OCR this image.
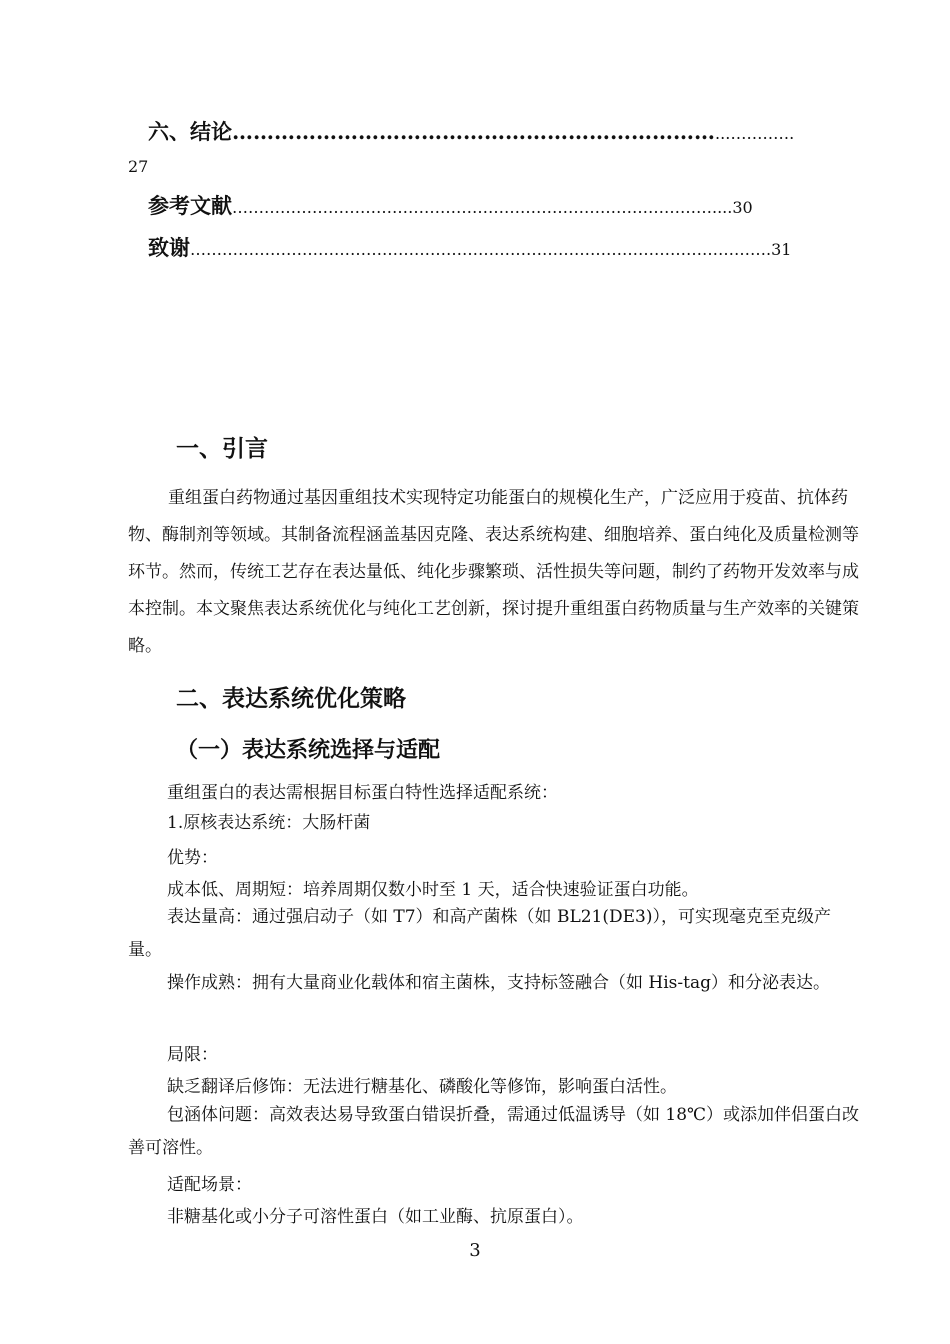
六、结论……………………………………………………………..………….
27
参考文献………………………………………………………………………………....30
致谢……………………………………………………………………………………………….31
一、引言
重组蛋白药物通过基因重组技术实现特定功能蛋白的规模化生产，广泛应用于疫苗、抗体药物、酶制剂等领域。其制备流程涵盖基因克隆、表达系统构建、细胞培养、蛋白纯化及质量检测等环节。然而，传统工艺存在表达量低、纯化步骤繁琐、活性损失等问题，制约了药物开发效率与成本控制。本文聚焦表达系统优化与纯化工艺创新，探讨提升重组蛋白药物质量与生产效率的关键策略。
二、表达系统优化策略
（一）表达系统选择与适配
重组蛋白的表达需根据目标蛋白特性选择适配系统：
1.原核表达系统：大肠杆菌
优势：
成本低、周期短：培养周期仅数小时至 1 天，适合快速验证蛋白功能。
表达量高：通过强启动子（如 T7）和高产菌株（如 BL21(DE3)），可实现毫克至克级产量。
操作成熟：拥有大量商业化载体和宿主菌株，支持标签融合（如 His-tag）和分泌表达。
局限：
缺乏翻译后修饰：无法进行糖基化、磷酸化等修饰，影响蛋白活性。
包涵体问题：高效表达易导致蛋白错误折叠，需通过低温诱导（如 18℃）或添加伴侣蛋白改善可溶性。
适配场景：
非糖基化或小分子可溶性蛋白（如工业酶、抗原蛋白）。
3
